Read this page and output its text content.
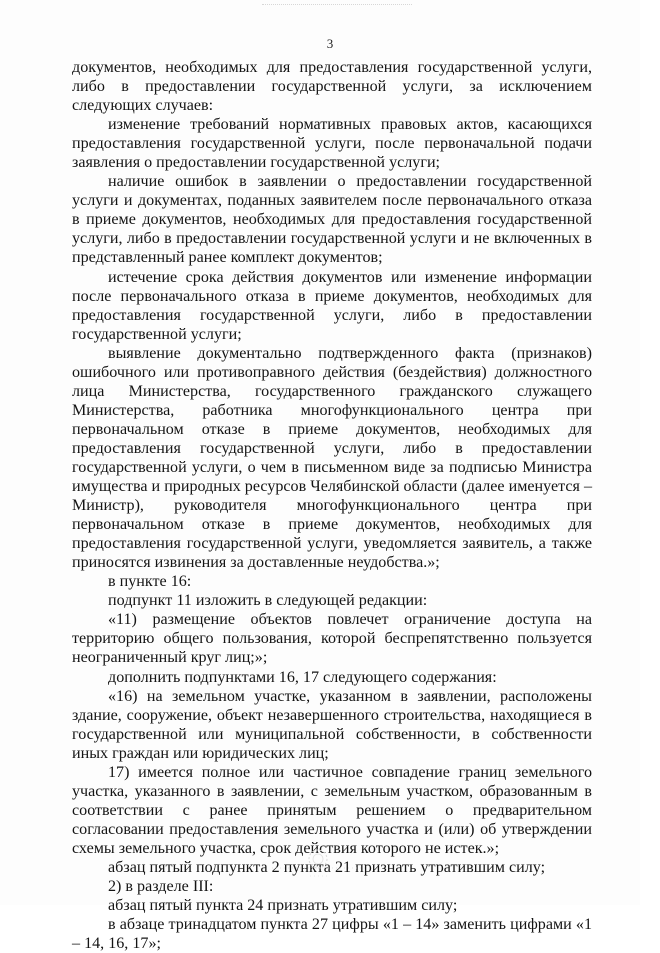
3

документов, необходимых для предоставления государственной услуги, либо в предоставлении государственной услуги, за исключением следующих случаев:

изменение требований нормативных правовых актов, касающихся предоставления государственной услуги, после первоначальной подачи заявления о предоставлении государственной услуги;

наличие ошибок в заявлении о предоставлении государственной услуги и документах, поданных заявителем после первоначального отказа в приеме документов, необходимых для предоставления государственной услуги, либо в предоставлении государственной услуги и не включенных в представленный ранее комплект документов;

истечение срока действия документов или изменение информации после первоначального отказа в приеме документов, необходимых для предоставления государственной услуги, либо в предоставлении государственной услуги;

выявление документально подтвержденного факта (признаков) ошибочного или противоправного действия (бездействия) должностного лица Министерства, государственного гражданского служащего Министерства, работника многофункционального центра при первоначальном отказе в приеме документов, необходимых для предоставления государственной услуги, либо в предоставлении государственной услуги, о чем в письменном виде за подписью Министра имущества и природных ресурсов Челябинской области (далее именуется – Министр), руководителя многофункционального центра при первоначальном отказе в приеме документов, необходимых для предоставления государственной услуги, уведомляется заявитель, а также приносятся извинения за доставленные неудобства.»;

в пункте 16:

подпункт 11 изложить в следующей редакции:

«11) размещение объектов повлечет ограничение доступа на территорию общего пользования, которой беспрепятственно пользуется неограниченный круг лиц;»;

дополнить подпунктами 16, 17 следующего содержания:

«16) на земельном участке, указанном в заявлении, расположены здание, сооружение, объект незавершенного строительства, находящиеся в государственной или муниципальной собственности, в собственности иных граждан или юридических лиц;

17) имеется полное или частичное совпадение границ земельного участка, указанного в заявлении, с земельным участком, образованным в соответствии с ранее принятым решением о предварительном согласовании предоставления земельного участка и (или) об утверждении схемы земельного участка, срок действия которого не истек.»;

абзац пятый подпункта 2 пункта 21 признать утратившим силу;

2) в разделе III:

абзац пятый пункта 24 признать утратившим силу;

в абзаце тринадцатом пункта 27 цифры «1 – 14» заменить цифрами «1 – 14, 16, 17»;
